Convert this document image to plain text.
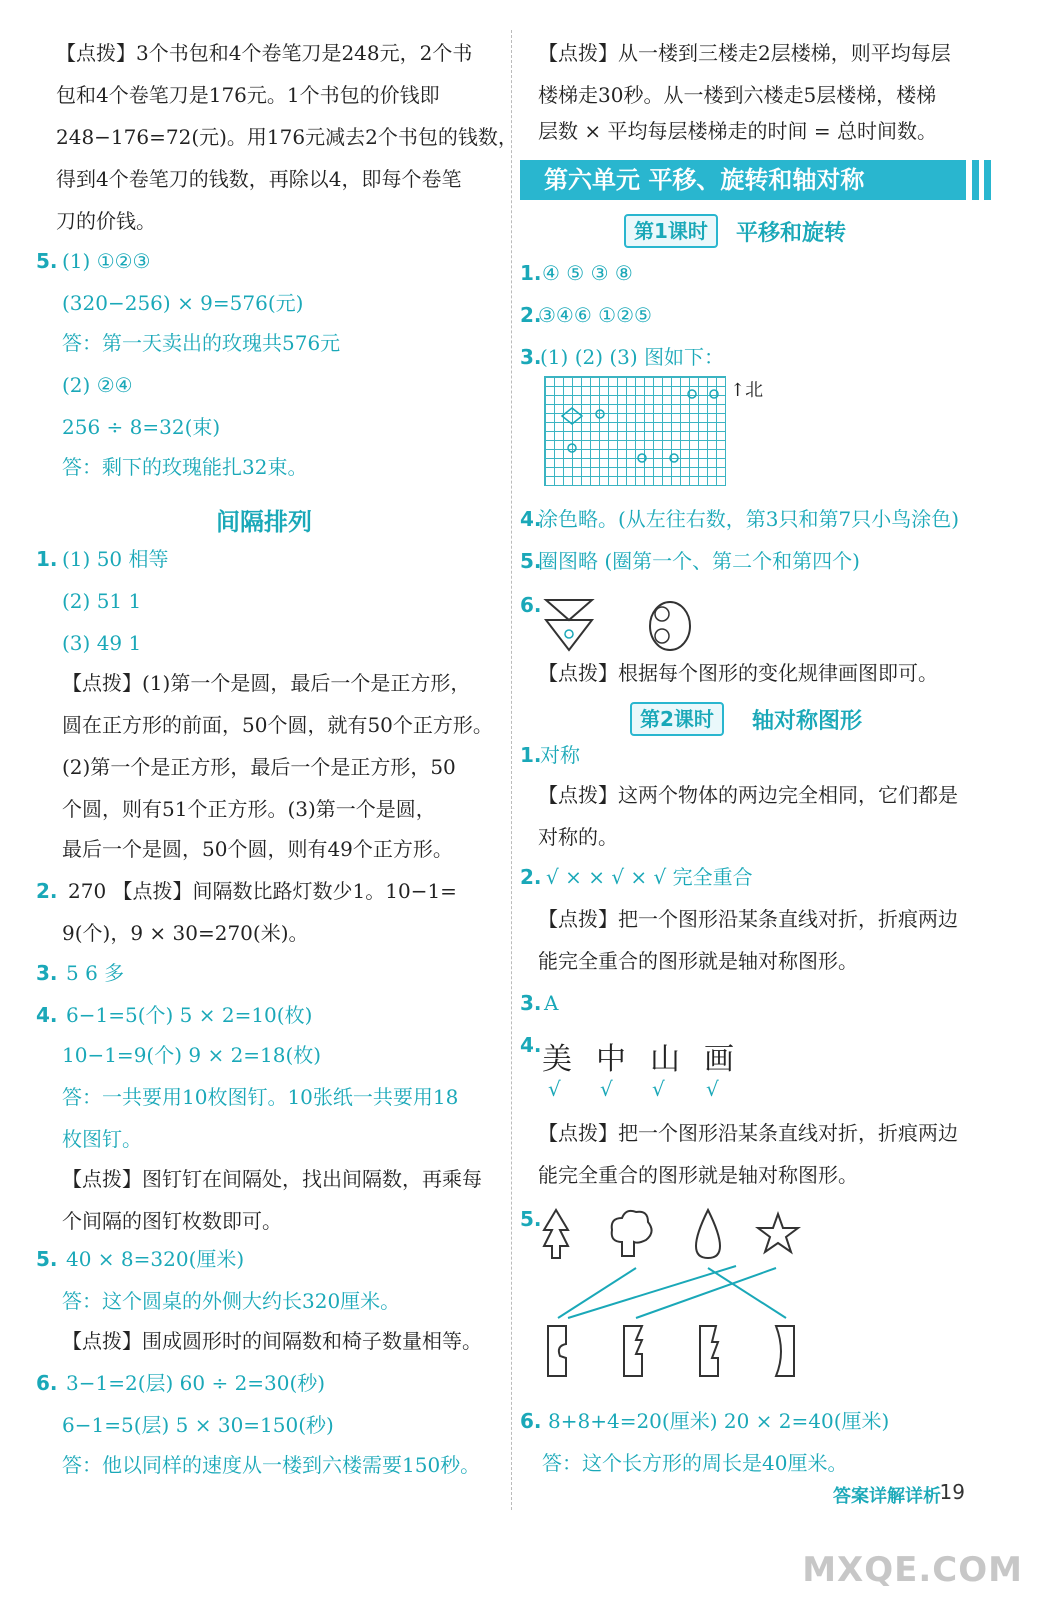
【点拨】3个书包和4个卷笔刀是248元，2个书
包和4个卷笔刀是176元。1个书包的价钱即
248−176=72(元)。用176元减去2个书包的钱数，
得到4个卷笔刀的钱数，再除以4，即每个卷笔
刀的价钱。
5. (1) ①②③
(320−256) × 9=576(元)
答：第一天卖出的玫瑰共576元
(2) ②④
256 ÷ 8=32(束)
答：剩下的玫瑰能扎32束。
间隔排列
1. (1) 50 相等
(2) 51 1
(3) 49 1
【点拨】(1)第一个是圆，最后一个是正方形，
圆在正方形的前面，50个圆，就有50个正方形。
(2)第一个是正方形，最后一个是正方形，50
个圆，则有51个正方形。(3)第一个是圆，
最后一个是圆，50个圆，则有49个正方形。
2. 270 【点拨】间隔数比路灯数少1。10−1=
9(个)，9 × 30=270(米)。
3. 5 6 多
4. 6−1=5(个) 5 × 2=10(枚)
10−1=9(个) 9 × 2=18(枚)
答：一共要用10枚图钉。10张纸一共要用18
枚图钉。
【点拨】图钉钉在间隔处，找出间隔数，再乘每
个间隔的图钉枚数即可。
5. 40 × 8=320(厘米)
答：这个圆桌的外侧大约长320厘米。
【点拨】围成圆形时的间隔数和椅子数量相等。
6. 3−1=2(层) 60 ÷ 2=30(秒)
6−1=5(层) 5 × 30=150(秒)
答：他以同样的速度从一楼到六楼需要150秒。
【点拨】从一楼到三楼走2层楼梯，则平均每层
楼梯走30秒。从一楼到六楼走5层楼梯，楼梯
层数 × 平均每层楼梯走的时间 = 总时间数。
第六单元 平移、旋转和轴对称
第1课时	平移和旋转
1. ④ ⑤ ③ ⑧
2.
③④⑥ ①②⑤
3.
(1) (2) (3) 图如下：
↑北
4.
涂色略。(从左往右数，第3只和第7只小鸟涂色)
5.
圈图略 (圈第一个、第二个和第四个)
6.
【点拨】根据每个图形的变化规律画图即可。
第2课时	轴对称图形
1.
对称
【点拨】这两个物体的两边完全相同，它们都是
对称的。
2. √ × × √ × √ 完全重合
【点拨】把一个图形沿某条直线对折，折痕两边
能完全重合的图形就是轴对称图形。
3. A
4. 美 中 山 画
√ √ √ √
【点拨】把一个图形沿某条直线对折，折痕两边
能完全重合的图形就是轴对称图形。
5.
6. 8+8+4=20(厘米) 20 × 2=40(厘米)
答：这个长方形的周长是40厘米。
答案详解详析
19
MXQE.COM
